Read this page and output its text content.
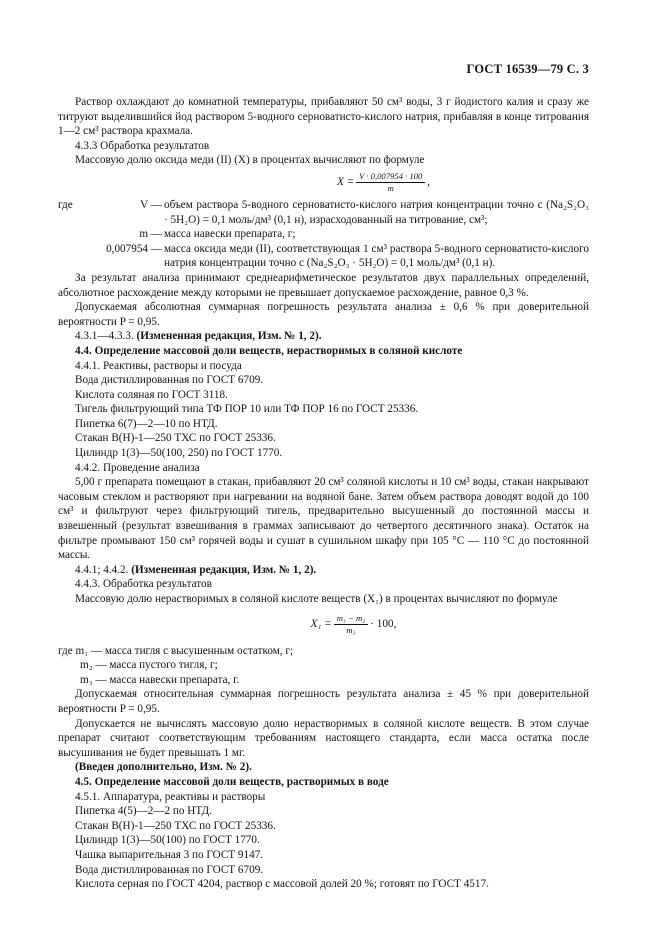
ГОСТ 16539—79 С. 3

Раствор охлаждают до комнатной температуры, прибавляют 50 см³ воды, 3 г йодистого калия и сразу же титруют выделившийся йод раствором 5-водного серноватисто-кислого натрия, прибавляя в конце титрования 1—2 см³ раствора крахмала.

4.3.3 Обработка результатов

Массовую долю оксида меди (II) (X) в процентах вычисляют по формуле

$X = \frac{V \cdot 0,007954 \cdot 100}{m}$ ,
где	V —	объем раствора 5-водного серноватисто-кислого натрия концентрации точно c (Na₂S₂O₃ · 5H₂O) = 0,1 моль/дм³ (0,1 н), израсходованный на титрование, см³;
	m —	масса навески препарата, г;
0,007954 —		масса оксида меди (II), соответствующая 1 см³ раствора 5-водного серноватисто-кислого натрия концентрации точно c (Na₂S₂O₃ · 5H₂O) = 0,1 моль/дм³ (0,1 н).

За результат анализа принимают среднеарифметическое результатов двух параллельных определений, абсолютное расхождение между которыми не превышает допускаемое расхождение, равное 0,3 %.

Допускаемая абсолютная суммарная погрешность результата анализа ± 0,6 % при доверительной вероятности P = 0,95.

4.3.1—4.3.3. (Измененная редакция, Изм. № 1, 2).

4.4. Определение массовой доли веществ, нерастворимых в соляной кислоте

4.4.1. Реактивы, растворы и посуда

Вода дистиллированная по ГОСТ 6709.

Кислота соляная по ГОСТ 3118.

Тигель фильтрующий типа ТФ ПОР 10 или ТФ ПОР 16 по ГОСТ 25336.

Пипетка 6(7)—2—10 по НТД.

Стакан В(Н)-1—250 ТХС по ГОСТ 25336.

Цилиндр 1(3)—50(100, 250) по ГОСТ 1770.

4.4.2. Проведение анализа

5,00 г препарата помещают в стакан, прибавляют 20 см³ соляной кислоты и 10 см³ воды, стакан накрывают часовым стеклом и растворяют при нагревании на водяной бане. Затем объем раствора доводят водой до 100 см³ и фильтруют через фильтрующий тигель, предварительно высушенный до постоянной массы и взвешенный (результат взвешивания в граммах записывают до четвертого десятичного знака). Остаток на фильтре промывают 150 см³ горячей воды и сушат в сушильном шкафу при 105 °С — 110 °С до постоянной массы.

4.4.1; 4.4.2. (Измененная редакция, Изм. № 1, 2).

4.4.3. Обработка результатов

Массовую долю нерастворимых в соляной кислоте веществ (X₁) в процентах вычисляют по формуле

$X_1 = \frac{\text{m₁ − m₂}}{\text{m₃}} \cdot 100$,

где m₁ — масса тигля с высушенным остатком, г;

m₂ — масса пустого тигля, г;

m₃ — масса навески препарата, г.

Допускаемая относительная суммарная погрешность результата анализа ± 45 % при доверительной вероятности P = 0,95.

Допускается не вычислять массовую долю нерастворимых в соляной кислоте веществ. В этом случае препарат считают соответствующим требованиям настоящего стандарта, если масса остатка после высушивания не будет превышать 1 мг.

(Введен дополнительно, Изм. № 2).

4.5. Определение массовой доли веществ, растворимых в воде

4.5.1. Аппаратура, реактивы и растворы

Пипетка 4(5)—2—2 по НТД.

Стакан В(Н)-1—250 ТХС по ГОСТ 25336.

Цилиндр 1(3)—50(100) по ГОСТ 1770.

Чашка выпарительная 3 по ГОСТ 9147.

Вода дистиллированная по ГОСТ 6709.

Кислота серная по ГОСТ 4204, раствор с массовой долей 20 %; готовят по ГОСТ 4517.
